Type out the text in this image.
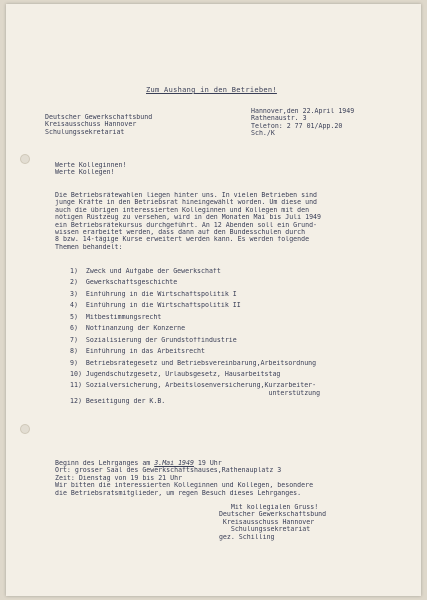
Zum Aushang in den Betrieben!
Deutscher Gewerkschaftsbund
Kreisausschuss Hannover
Schulungssekretariat
Hannover,den 22.April 1949
Rathenaustr. 3
Telefon: 2 77 01/App.20
Sch./K
Werte Kolleginnen!
Werte Kollegen!
Die Betriebsrätewahlen liegen hinter uns. In vielen Betrieben sind
junge Kräfte in den Betriebsrat hineingewählt worden. Um diese und
auch die übrigen interessierten Kolleginnen und Kollegen mit den
nötigen Rüstzeug zu versehen, wird in den Monaten Mai bis Juli 1949
ein Betriebsrätekursus durchgeführt. An 12 Abenden soll ein Grund-
wissen erarbeitet werden, dass dann auf den Bundesschulen durch
8 bzw. 14-tägige Kurse erweitert werden kann. Es werden folgende
Themen behandelt:
1)  Zweck und Aufgabe der Gewerkschaft
2)  Gewerkschaftsgeschichte
3)  Einführung in die Wirtschaftspolitik I
4)  Einführung in die Wirtschaftspolitik II
5)  Mitbestimmungsrecht
6)  Notfinanzung der Konzerne
7)  Sozialisierung der Grundstoffindustrie
8)  Einführung in das Arbeitsrecht
9)  Betriebsrätegesetz und Betriebsvereinbarung,Arbeitsordnung
10) Jugendschutzgesetz, Urlaubsgesetz, Hausarbeitstag
11) Sozialversicherung, Arbeitslosenversicherung,Kurzarbeiter-
unterstützung
12) Beseitigung der K.B.
Beginn des Lehrganges am 3.Mai 1949 19 Uhr
Ort: grosser Saal des Gewerkschaftshauses,Rathenauplatz 3
Zeit: Dienstag von 19 bis 21 Uhr
Wir bitten die interessierten Kolleginnen und Kollegen, besondere
die Betriebsratsmitglieder, um regen Besuch dieses Lehrganges.
Mit kollegialen Gruss!
Deutscher Gewerkschaftsbund
Kreisausschuss Hannover
Schulungssekretariat
gez. Schilling
